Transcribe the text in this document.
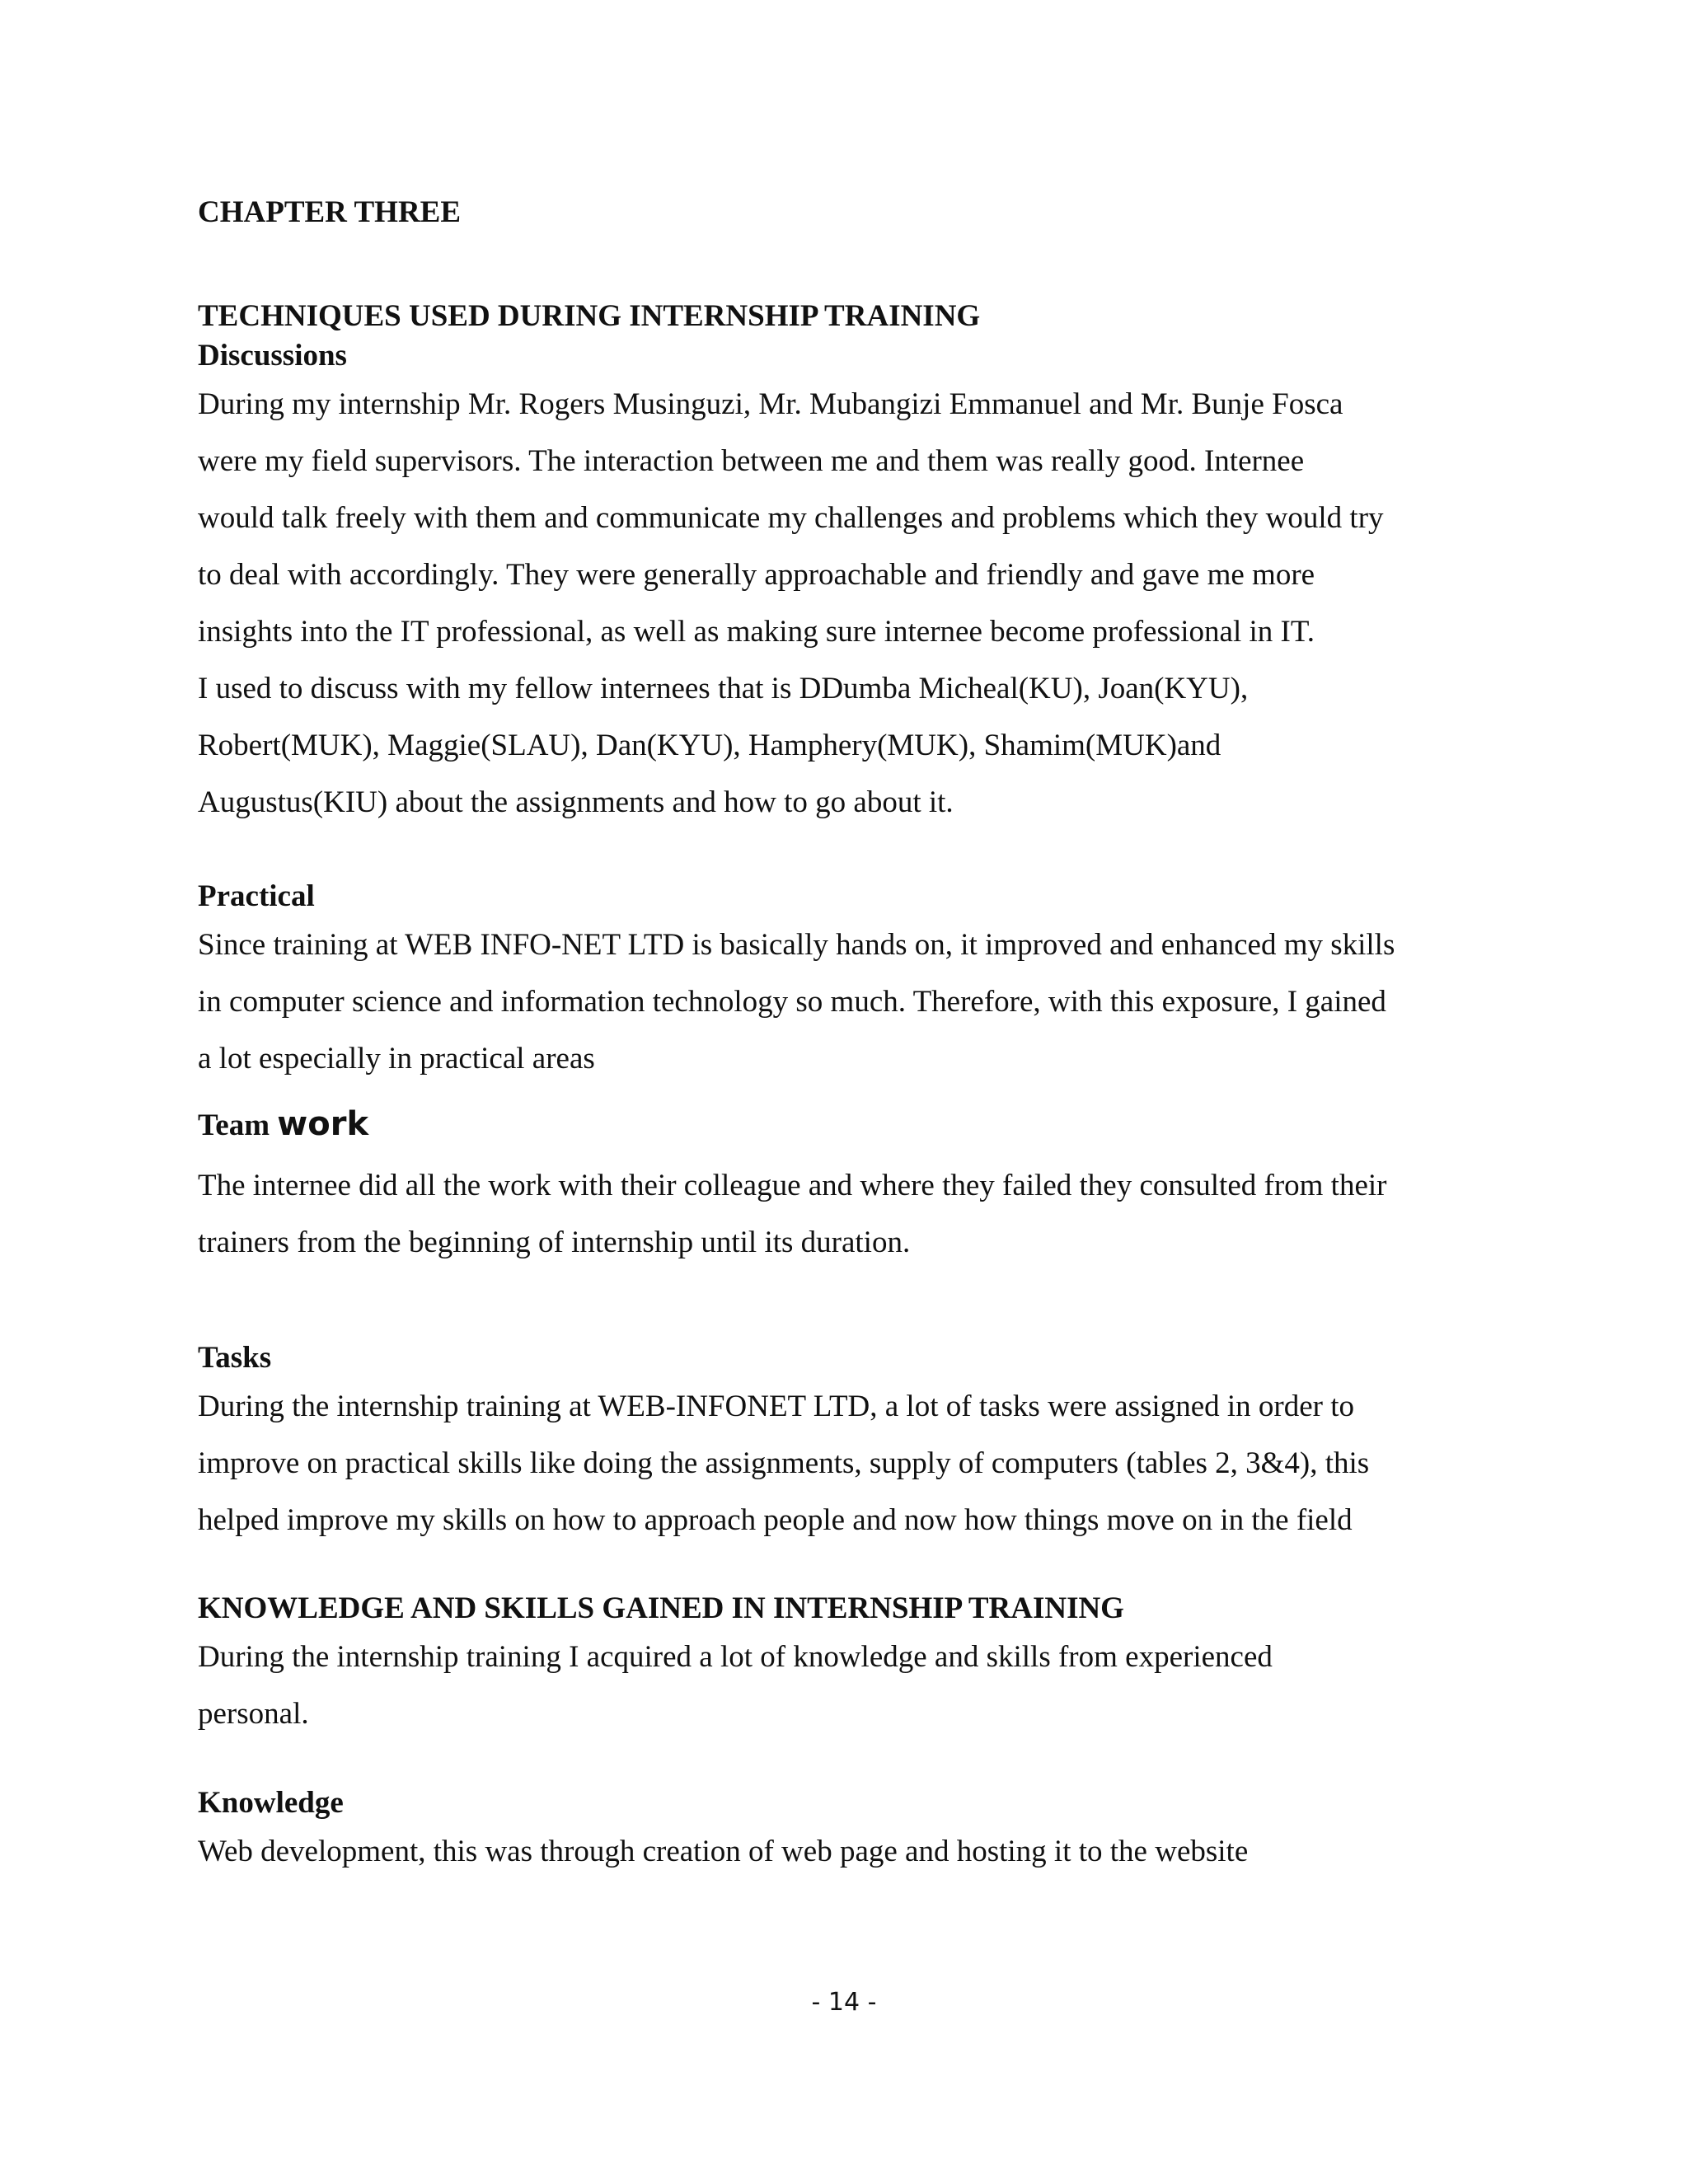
CHAPTER THREE

TECHNIQUES USED DURING INTERNSHIP TRAINING

Discussions

During my internship Mr. Rogers Musinguzi, Mr. Mubangizi Emmanuel and Mr. Bunje Fosca
were my field supervisors. The interaction between me and them was really good. Internee
would talk freely with them and communicate my challenges and problems which they would try
to deal with accordingly. They were generally approachable and friendly and gave me more
insights into the IT professional, as well as making sure internee become professional in IT.
I used to discuss with my fellow internees that is DDumba Micheal(KU), Joan(KYU),
Robert(MUK), Maggie(SLAU), Dan(KYU), Hamphery(MUK), Shamim(MUK)and
Augustus(KIU) about the assignments and how to go about it.

Practical

Since training at WEB INFO-NET LTD is basically hands on, it improved and enhanced my skills
in computer science and information technology so much. Therefore, with this exposure, I gained
a lot especially in practical areas

Team work

The internee did all the work with their colleague and where they failed they consulted from their
trainers from the beginning of internship until its duration.

Tasks

During the internship training at WEB-INFONET LTD, a lot of tasks were assigned in order to
improve on practical skills like doing the assignments, supply of computers (tables 2, 3&4), this
helped improve my skills on how to approach people and now how things move on in the field

KNOWLEDGE AND SKILLS GAINED IN INTERNSHIP TRAINING

During the internship training I acquired a lot of knowledge and skills from experienced
personal.

Knowledge

Web development, this was through creation of web page and hosting it to the website

- 14 -
